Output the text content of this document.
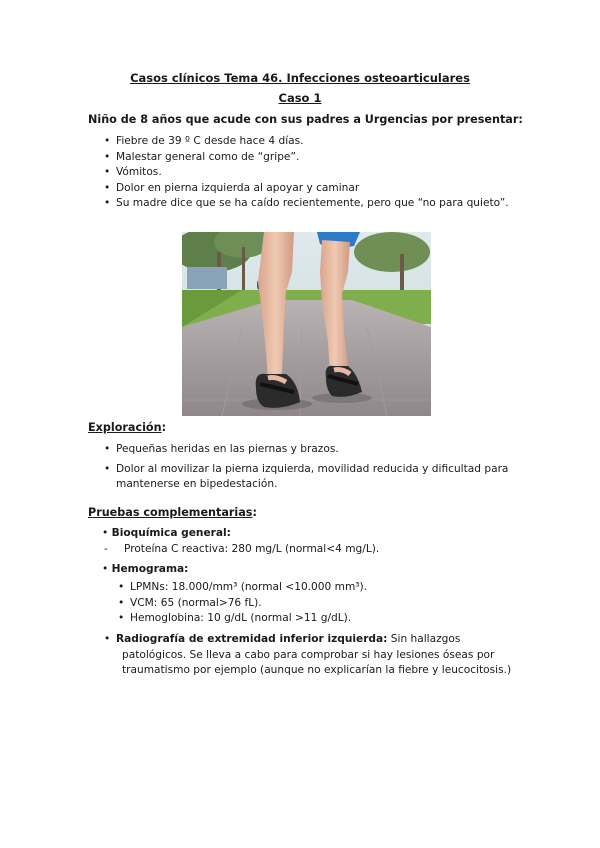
Casos clínicos Tema 46. Infecciones osteoarticulares
Caso 1
Niño de 8 años que acude con sus padres a Urgencias por presentar:
• Fiebre de 39 º C desde hace 4 días.
• Malestar general como de “gripe”.
• Vómitos.
• Dolor en pierna izquierda al apoyar y caminar
• Su madre dice que se ha caído recientemente, pero que “no para quieto”.
Exploración:
• Pequeñas heridas en las piernas y brazos.
• Dolor al movilizar la pierna izquierda, movilidad reducida y dificultad para mantenerse en bipedestación.
Pruebas complementarias:
• Bioquímica general:
- Proteína C reactiva: 280 mg/L (normal<4 mg/L).
• Hemograma:
• LPMNs: 18.000/mm³ (normal <10.000 mm³).
• VCM: 65 (normal>76 fL).
• Hemoglobina: 10 g/dL (normal >11 g/dL).
• Radiografía de extremidad inferior izquierda: Sin hallazgos
patológicos. Se lleva a cabo para comprobar si hay lesiones óseas por traumatismo por ejemplo (aunque no explicarían la fiebre y leucocitosis.)
